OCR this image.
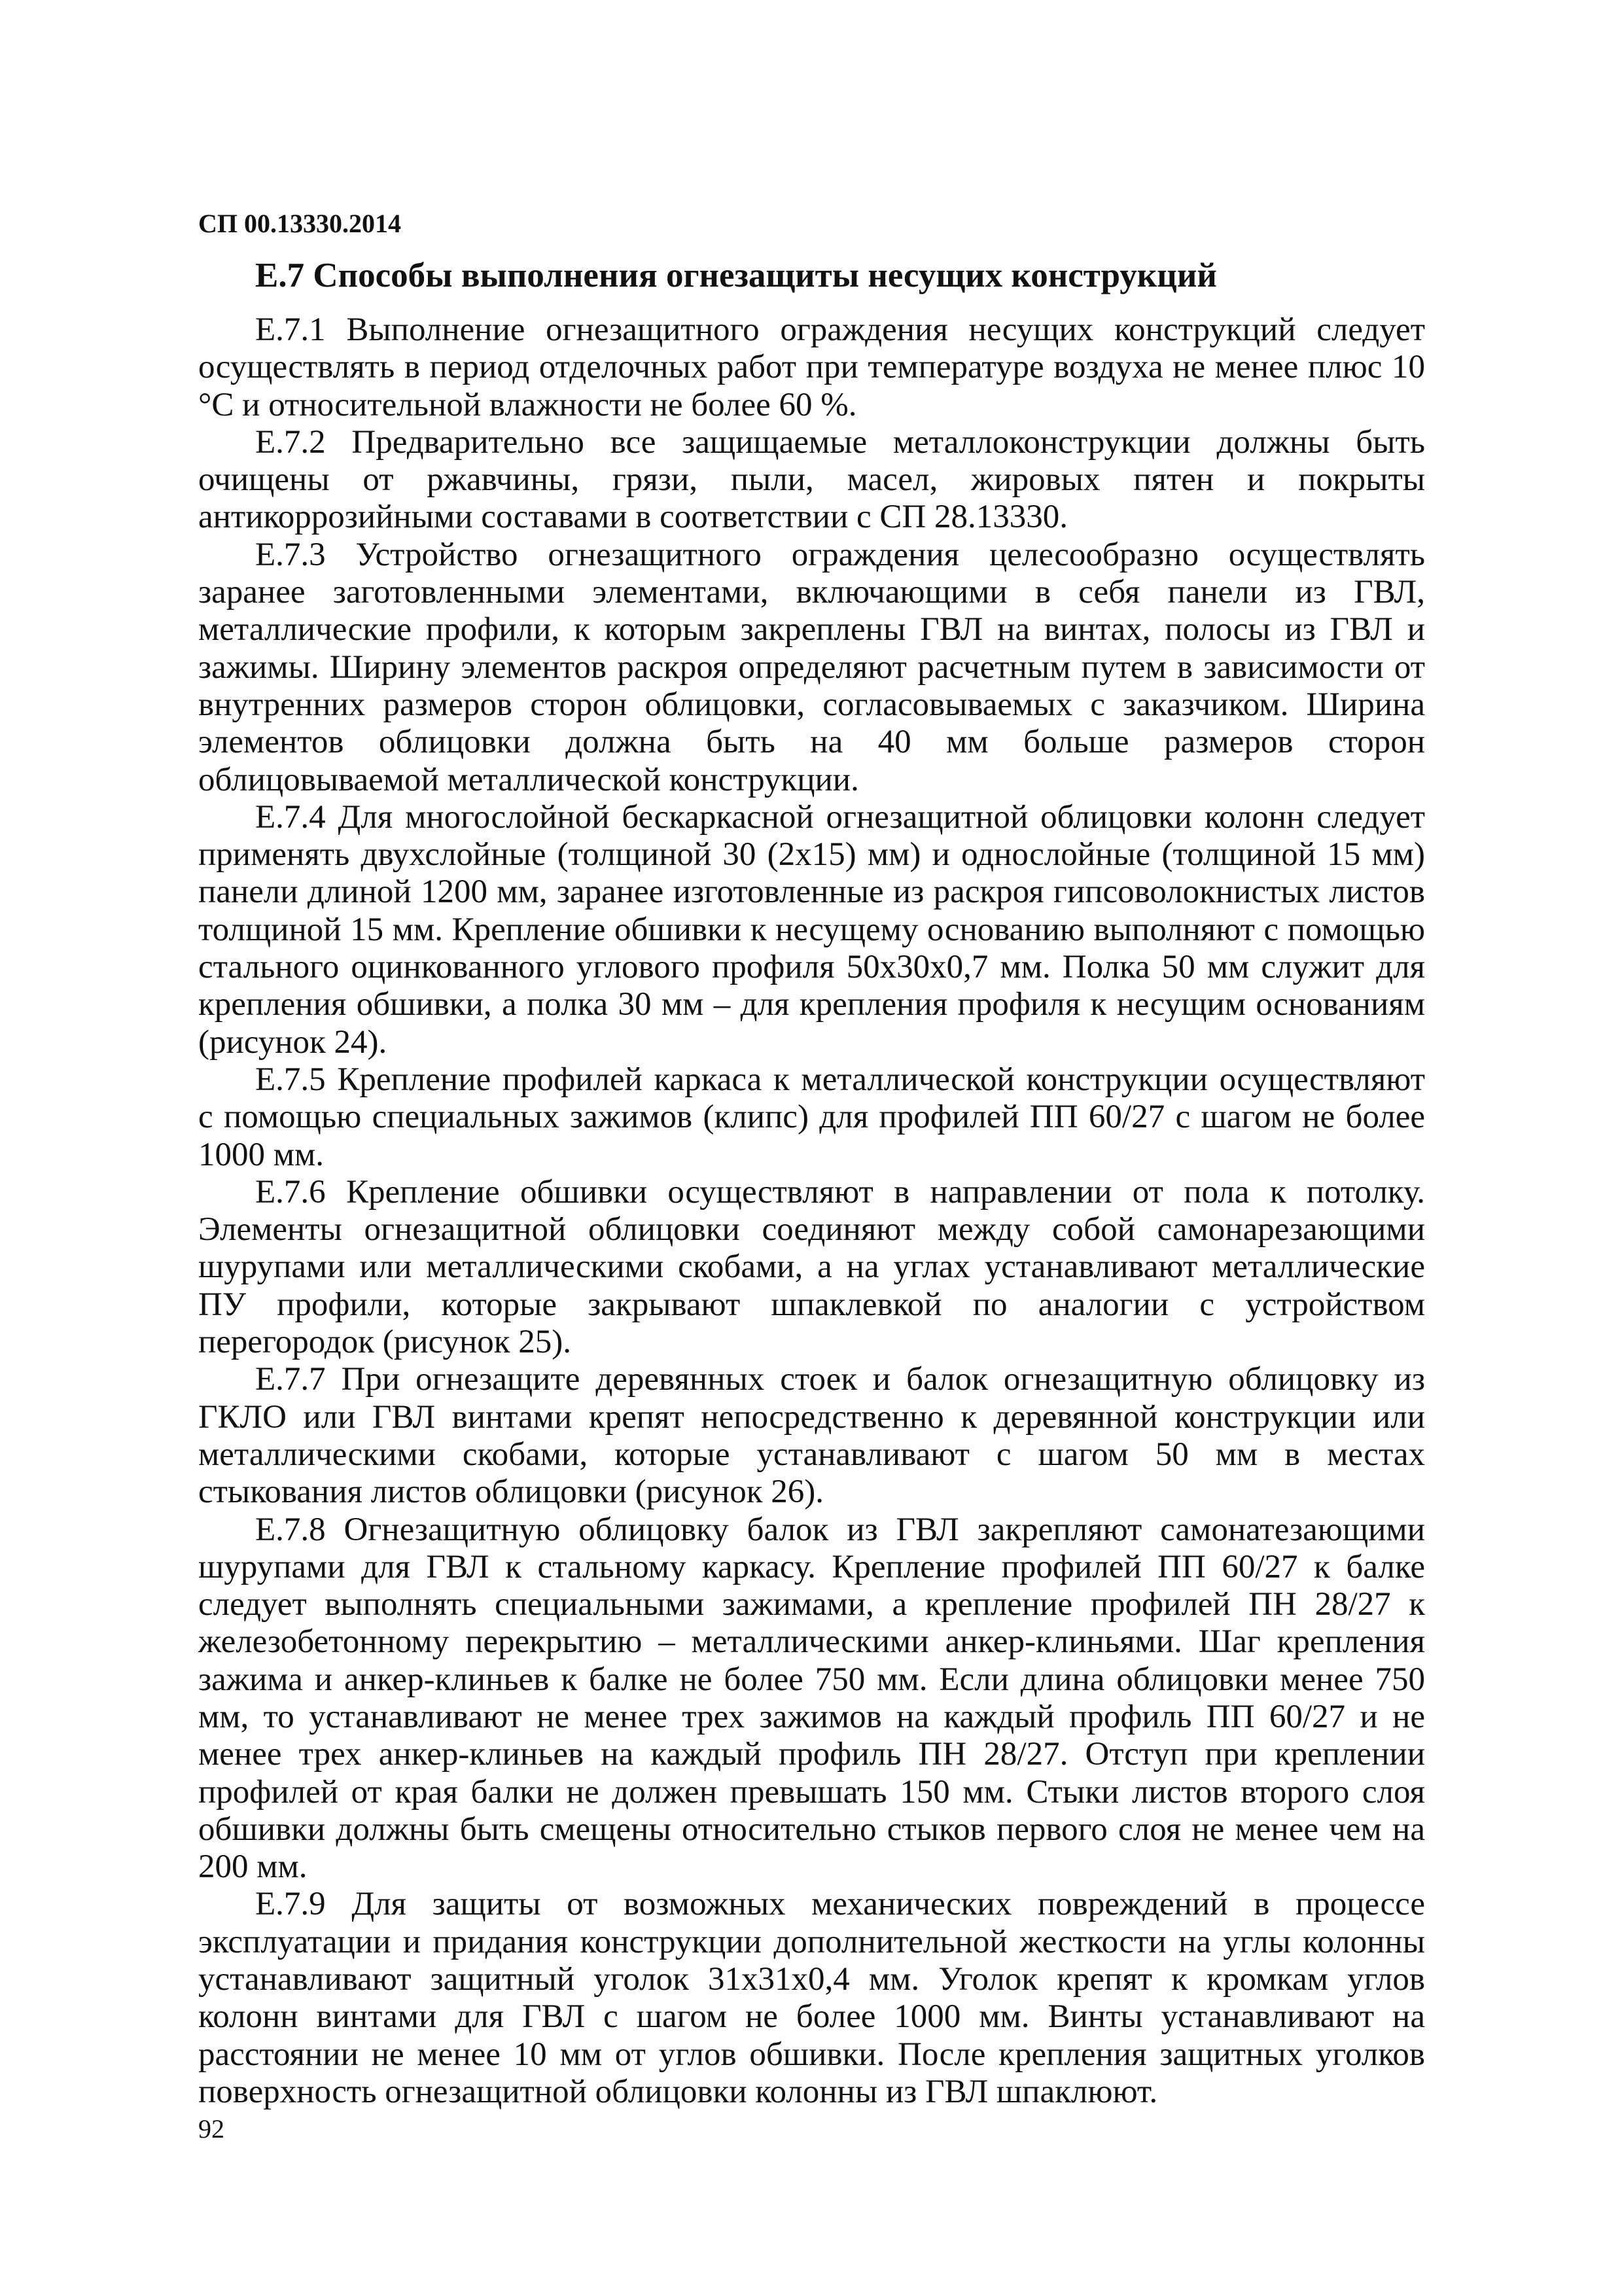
СП 00.13330.2014
Е.7 Способы выполнения огнезащиты несущих конструкций

Е.7.1 Выполнение огнезащитного ограждения несущих конструкций следует осуществлять в период отделочных работ при температуре воздуха не менее плюс 10 °С и относительной влажности не более 60 %.

Е.7.2 Предварительно все защищаемые металлоконструкции должны быть очищены от ржавчины, грязи, пыли, масел, жировых пятен и покрыты антикоррозийными составами в соответствии с СП 28.13330.

Е.7.3 Устройство огнезащитного ограждения целесообразно осуществлять заранее заготовленными элементами, включающими в себя панели из ГВЛ, металлические профили, к которым закреплены ГВЛ на винтах, полосы из ГВЛ и зажимы. Ширину элементов раскроя определяют расчетным путем в зависимости от внутренних размеров сторон облицовки, согласовываемых с заказчиком. Ширина элементов облицовки должна быть на 40 мм больше размеров сторон облицовываемой металлической конструкции.

Е.7.4 Для многослойной бескаркасной огнезащитной облицовки колонн следует применять двухслойные (толщиной 30 (2х15) мм) и однослойные (толщиной 15 мм) панели длиной 1200 мм, заранее изготовленные из раскроя гипсоволокнистых листов толщиной 15 мм. Крепление обшивки к несущему основанию выполняют с помощью стального оцинкованного углового профиля 50х30х0,7 мм. Полка 50 мм служит для крепления обшивки, а полка 30 мм – для крепления профиля к несущим основаниям (рисунок 24).

Е.7.5 Крепление профилей каркаса к металлической конструкции осуществляют с помощью специальных зажимов (клипс) для профилей ПП 60/27 с шагом не более 1000 мм.

Е.7.6 Крепление обшивки осуществляют в направлении от пола к потолку. Элементы огнезащитной облицовки соединяют между собой самонарезающими шурупами или металлическими скобами, а на углах устанавливают металлические ПУ профили, которые закрывают шпаклевкой по аналогии с устройством перегородок (рисунок 25).

Е.7.7 При огнезащите деревянных стоек и балок огнезащитную облицовку из ГКЛО или ГВЛ винтами крепят непосредственно к деревянной конструкции или металлическими скобами, которые устанавливают с шагом 50 мм в местах стыкования листов облицовки (рисунок 26).

Е.7.8 Огнезащитную облицовку балок из ГВЛ закрепляют самонатезающими шурупами для ГВЛ к стальному каркасу. Крепление профилей ПП 60/27 к балке следует выполнять специальными зажимами, а крепление профилей ПН 28/27 к железобетонному перекрытию – металлическими анкер-клиньями. Шаг крепления зажима и анкер-клиньев к балке не более 750 мм. Если длина облицовки менее 750 мм, то устанавливают не менее трех зажимов на каждый профиль ПП 60/27 и не менее трех анкер-клиньев на каждый профиль ПН 28/27. Отступ при креплении профилей от края балки не должен превышать 150 мм. Стыки листов второго слоя обшивки должны быть смещены относительно стыков первого слоя не менее чем на 200 мм.

Е.7.9 Для защиты от возможных механических повреждений в процессе эксплуатации и придания конструкции дополнительной жесткости на углы колонны устанавливают защитный уголок 31х31х0,4 мм. Уголок крепят к кромкам углов колонн винтами для ГВЛ с шагом не более 1000 мм. Винты устанавливают на расстоянии не менее 10 мм от углов обшивки. После крепления защитных уголков поверхность огнезащитной облицовки колонны из ГВЛ шпаклюют.

92
